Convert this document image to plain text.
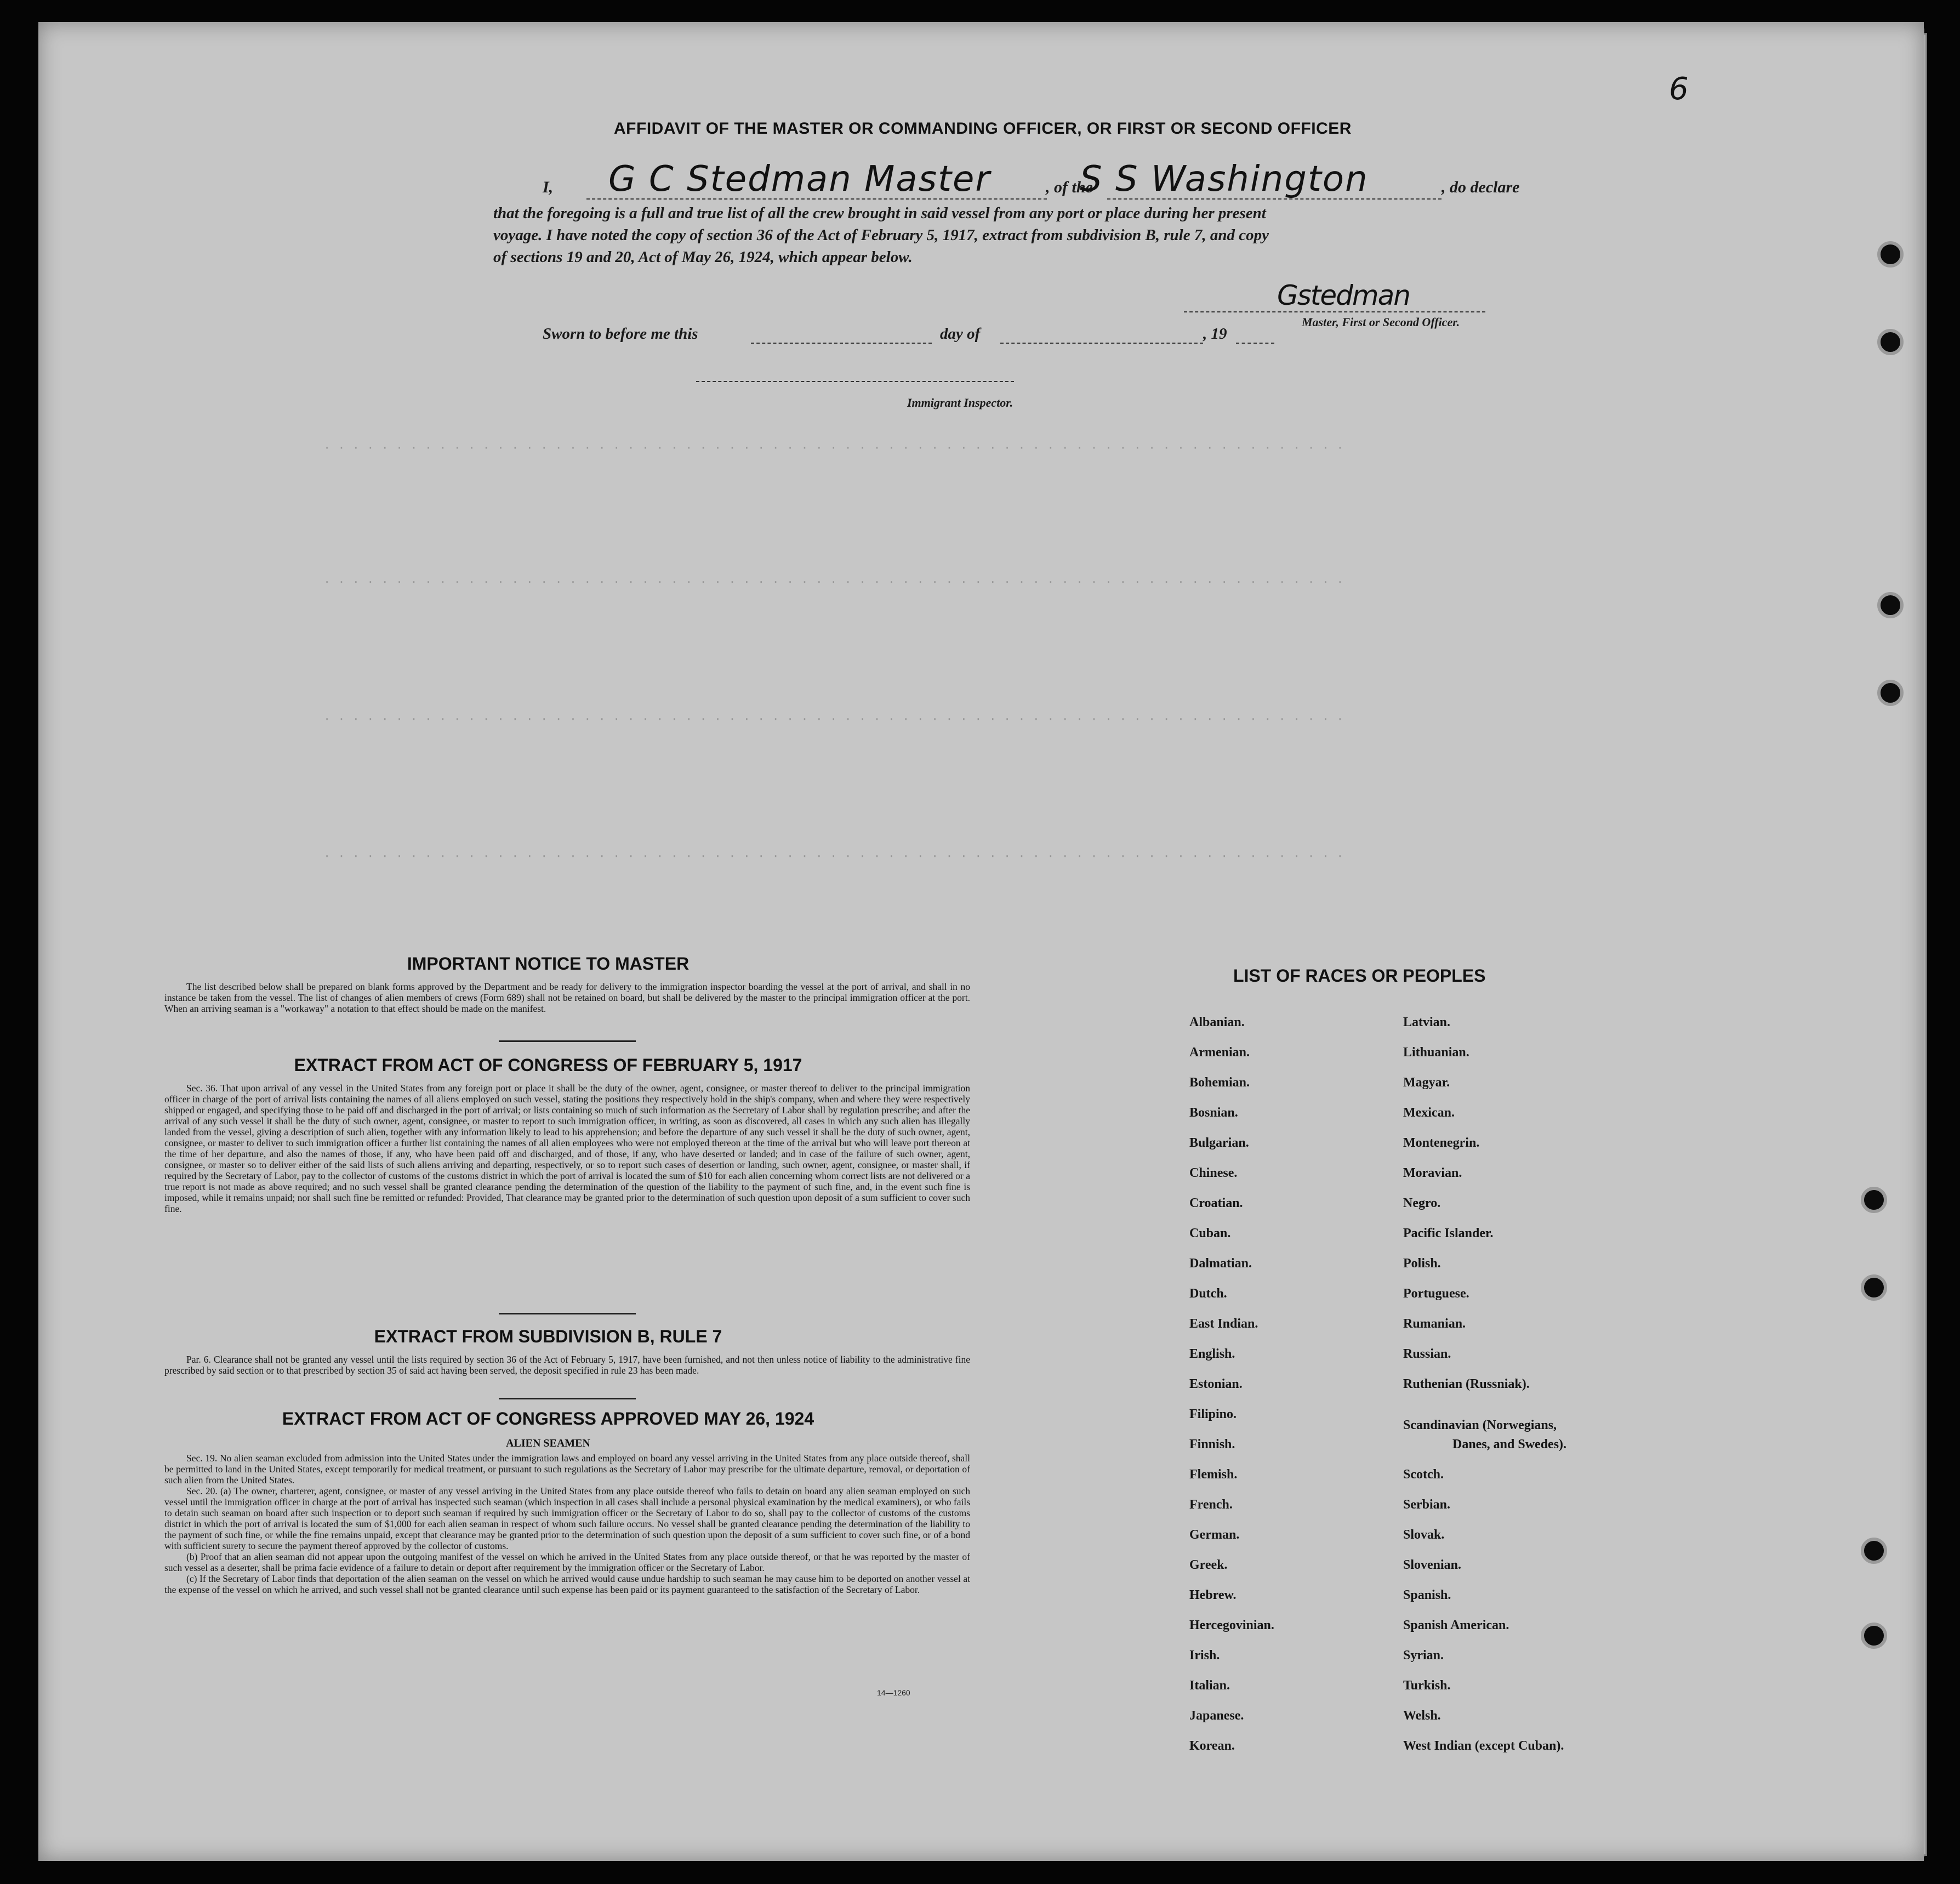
6
· · · · · · · · · · · · · · · · · · · · · · · · · · · · · · · · · · · · · · · · · · · · · · · · · · · · · · · · · · · · · · · · · · · · · · ·
· · · · · · · · · · · · · · · · · · · · · · · · · · · · · · · · · · · · · · · · · · · · · · · · · · · · · · · · · · · · · · · · · · · · · · ·
· · · · · · · · · · · · · · · · · · · · · · · · · · · · · · · · · · · · · · · · · · · · · · · · · · · · · · · · · · · · · · · · · · · · · · ·
· · · · · · · · · · · · · · · · · · · · · · · · · · · · · · · · · · · · · · · · · · · · · · · · · · · · · · · · · · · · · · · · · · · · · · ·
AFFIDAVIT OF THE MASTER OR COMMANDING OFFICER, OR FIRST OR SECOND OFFICER
I, G C Stedman Master	, of the
S S Washington	, do declare
that the foregoing is a full and true list of all the crew brought in said vessel from any port or place during her present
voyage. I have noted the copy of section 36 of the Act of February 5, 1917, extract from subdivision B, rule 7, and copy
of sections 19 and 20, Act of May 26, 1924, which appear below.
Gstedman
Master, First or Second Officer.
Sworn to before me this	day of	, 19
Immigrant Inspector.
IMPORTANT NOTICE TO MASTER

The list described below shall be prepared on blank forms approved by the Department and be ready for delivery to the immigration inspector boarding the vessel at the port of arrival, and shall in no instance be taken from the vessel. The list of changes of alien members of crews (Form 689) shall not be retained on board, but shall be delivered by the master to the principal immigration officer at the port. When an arriving seaman is a "workaway" a notation to that effect should be made on the manifest.

EXTRACT FROM ACT OF CONGRESS OF FEBRUARY 5, 1917

Sec. 36. That upon arrival of any vessel in the United States from any foreign port or place it shall be the duty of the owner, agent, consignee, or master thereof to deliver to the principal immigration officer in charge of the port of arrival lists containing the names of all aliens employed on such vessel, stating the positions they respectively hold in the ship's company, when and where they were respectively shipped or engaged, and specifying those to be paid off and discharged in the port of arrival; or lists containing so much of such information as the Secretary of Labor shall by regulation prescribe; and after the arrival of any such vessel it shall be the duty of such owner, agent, consignee, or master to report to such immigration officer, in writing, as soon as discovered, all cases in which any such alien has illegally landed from the vessel, giving a description of such alien, together with any information likely to lead to his apprehension; and before the departure of any such vessel it shall be the duty of such owner, agent, consignee, or master to deliver to such immigration officer a further list containing the names of all alien employees who were not employed thereon at the time of the arrival but who will leave port thereon at the time of her departure, and also the names of those, if any, who have been paid off and discharged, and of those, if any, who have deserted or landed; and in case of the failure of such owner, agent, consignee, or master so to deliver either of the said lists of such aliens arriving and departing, respectively, or so to report such cases of desertion or landing, such owner, agent, consignee, or master shall, if required by the Secretary of Labor, pay to the collector of customs of the customs district in which the port of arrival is located the sum of $10 for each alien concerning whom correct lists are not delivered or a true report is not made as above required; and no such vessel shall be granted clearance pending the determination of the question of the liability to the payment of such fine, and, in the event such fine is imposed, while it remains unpaid; nor shall such fine be remitted or refunded: Provided, That clearance may be granted prior to the determination of such question upon deposit of a sum sufficient to cover such fine.

EXTRACT FROM SUBDIVISION B, RULE 7

Par. 6. Clearance shall not be granted any vessel until the lists required by section 36 of the Act of February 5, 1917, have been furnished, and not then unless notice of liability to the administrative fine prescribed by said section or to that prescribed by section 35 of said act having been served, the deposit specified in rule 23 has been made.

EXTRACT FROM ACT OF CONGRESS APPROVED MAY 26, 1924
ALIEN SEAMEN

Sec. 19. No alien seaman excluded from admission into the United States under the immigration laws and employed on board any vessel arriving in the United States from any place outside thereof, shall be permitted to land in the United States, except temporarily for medical treatment, or pursuant to such regulations as the Secretary of Labor may prescribe for the ultimate departure, removal, or deportation of such alien from the United States.

Sec. 20. (a) The owner, charterer, agent, consignee, or master of any vessel arriving in the United States from any place outside thereof who fails to detain on board any alien seaman employed on such vessel until the immigration officer in charge at the port of arrival has inspected such seaman (which inspection in all cases shall include a personal physical examination by the medical examiners), or who fails to detain such seaman on board after such inspection or to deport such seaman if required by such immigration officer or the Secretary of Labor to do so, shall pay to the collector of customs of the customs district in which the port of arrival is located the sum of $1,000 for each alien seaman in respect of whom such failure occurs. No vessel shall be granted clearance pending the determination of the liability to the payment of such fine, or while the fine remains unpaid, except that clearance may be granted prior to the determination of such question upon the deposit of a sum sufficient to cover such fine, or of a bond with sufficient surety to secure the payment thereof approved by the collector of customs.

(b) Proof that an alien seaman did not appear upon the outgoing manifest of the vessel on which he arrived in the United States from any place outside thereof, or that he was reported by the master of such vessel as a deserter, shall be prima facie evidence of a failure to detain or deport after requirement by the immigration officer or the Secretary of Labor.

(c) If the Secretary of Labor finds that deportation of the alien seaman on the vessel on which he arrived would cause undue hardship to such seaman he may cause him to be deported on another vessel at the expense of the vessel on which he arrived, and such vessel shall not be granted clearance until such expense has been paid or its payment guaranteed to the satisfaction of the Secretary of Labor.

14—1260
LIST OF RACES OR PEOPLES
Albanian.
Armenian.
Bohemian.
Bosnian.
Bulgarian.
Chinese.
Croatian.
Cuban.
Dalmatian.
Dutch.
East Indian.
English.
Estonian.
Filipino.
Finnish.
Flemish.
French.
German.
Greek.
Hebrew.
Hercegovinian.
Irish.
Italian.
Japanese.
Korean.
Latvian.
Lithuanian.
Magyar.
Mexican.
Montenegrin.
Moravian.
Negro.
Pacific Islander.
Polish.
Portuguese.
Rumanian.
Russian.
Ruthenian (Russniak).
Scandinavian (Norwegians,
Danes, and Swedes).
Scotch.
Serbian.
Slovak.
Slovenian.
Spanish.
Spanish American.
Syrian.
Turkish.
Welsh.
West Indian (except Cuban).
